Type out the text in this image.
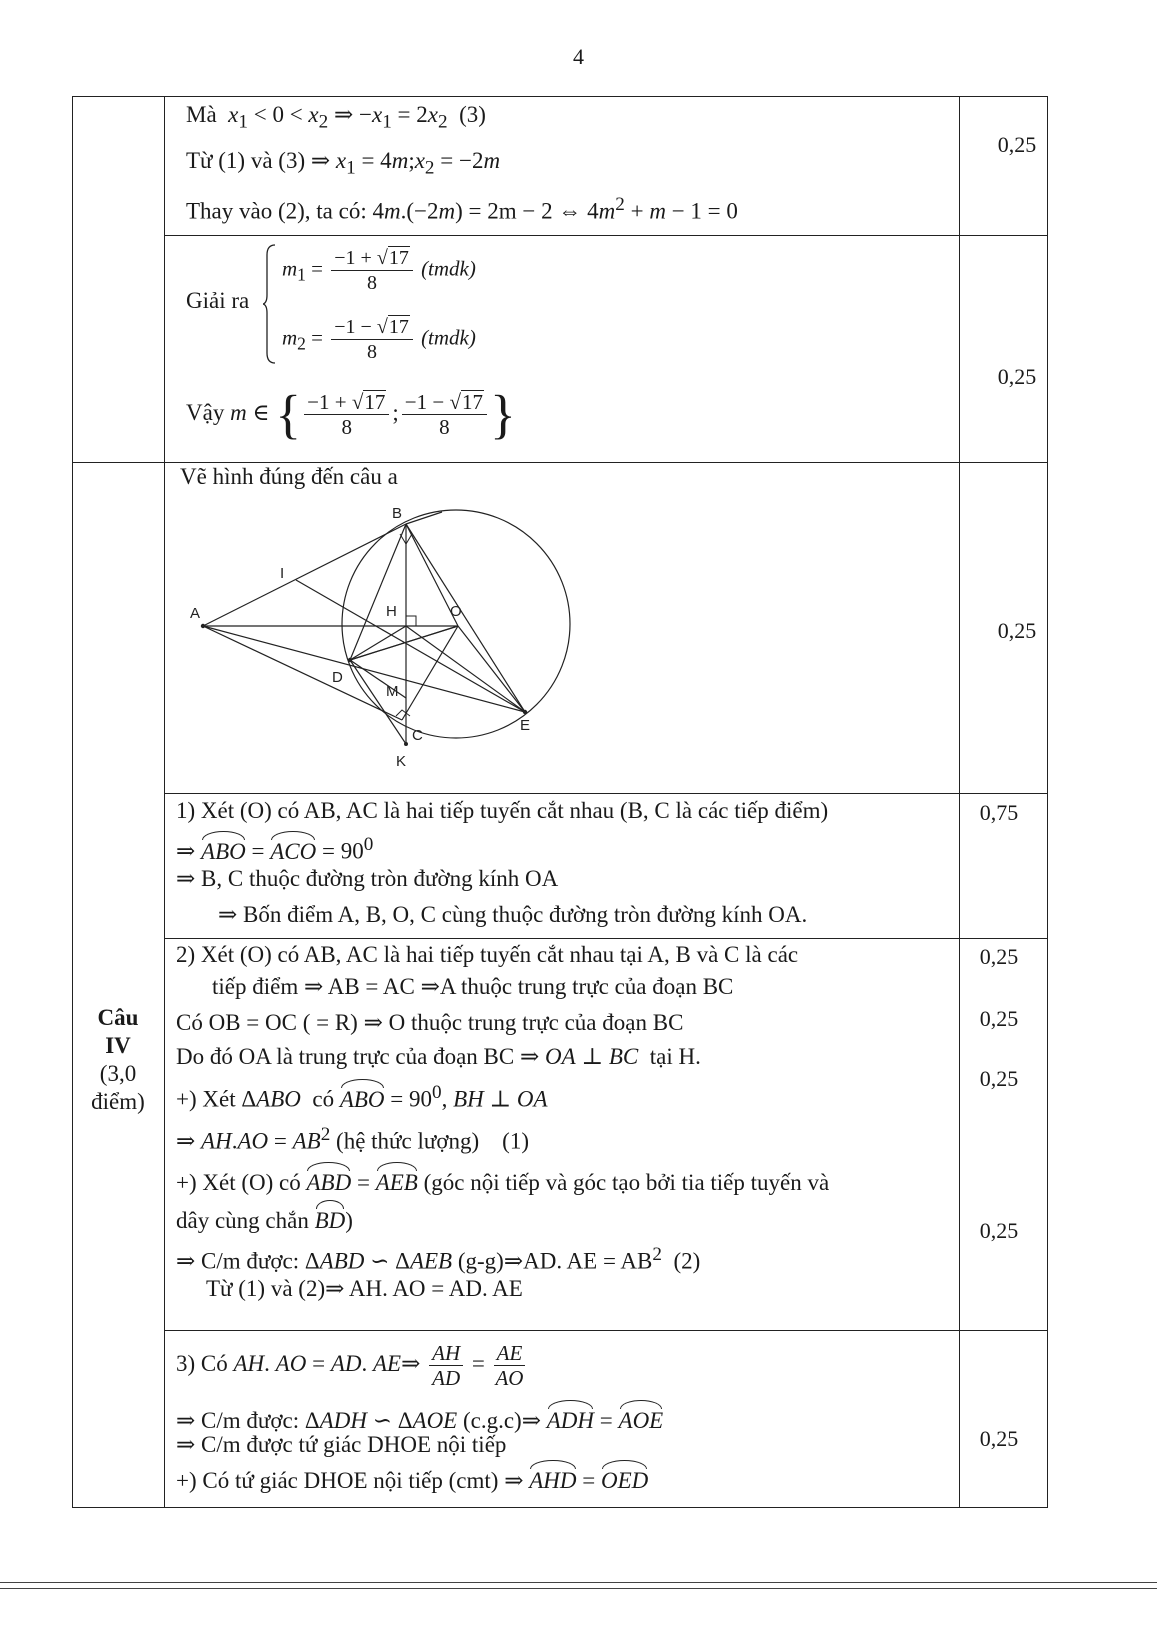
4
Mà $x_1 < 0 < x_2$ ⇒ $-x_1 = 2x_2$ (3)
Từ (1) và (3) ⇒ $x_1$ = $4m;x_2 = -2m$
Thay vào (2), ta có: 4m.(−2m) = 2m − 2 ⇔ $4m^2 + m - 1 = 0$
0,25
Giải ra
$m_1 = \frac{-1 + √17}{8}$ (tmdk)
$m_2 = \frac{-1 - √17}{8}$ (tmdk)
Vậy m ∈ { $\frac{-1 + √17}{8}$ ; $\frac{-1 - √17}{8}$ }
0,25
Câu
IV
(3,0
điểm)
Vẽ hình đúng đến câu a
B
I
A	H	O
D
M
C
E
K
0,25
1) Xét (O) có AB, AC là hai tiếp tuyến cắt nhau (B, C là các tiếp điểm)
⇒ ABO = ACO = $90^0$
⇒ B, C thuộc đường tròn đường kính OA
⇒ Bốn điểm A, B, O, C cùng thuộc đường tròn đường kính OA.
0,75
2) Xét (O) có AB, AC là hai tiếp tuyến cắt nhau tại A, B và C là các
tiếp điểm ⇒ AB = AC ⇒A thuộc trung trực của đoạn BC
Có OB = OC ( = R) ⇒ O thuộc trung trực của đoạn BC
Do đó OA là trung trực của đoạn BC ⇒ OA ⊥ BC tại H.
+) Xét ΔABO có ABO = $90^0$, BH ⊥ OA
⇒ $AH.AO = AB^2$ (hệ thức lượng) (1)
+) Xét (O) có ABD = AEB (góc nội tiếp và góc tạo bởi tia tiếp tuyến và
dây cùng chắn BD)
⇒ C/m được: ΔABD ∽ ΔAEB (g-g)⇒AD. AE = $AB^2$ (2)
Từ (1) và (2)⇒ AH. AO = AD. AE
0,25
0,25
0,25
0,25
3) Có AH. AO = AD. AE⇒ $\frac{AH}{AD} = \frac{AE}{AO}$
⇒ C/m được: ΔADH ∽ ΔAOE (c.g.c)⇒ ADH = AOE
⇒ C/m được tứ giác DHOE nội tiếp
+) Có tứ giác DHOE nội tiếp (cmt) ⇒ AHD = OED
0,25
